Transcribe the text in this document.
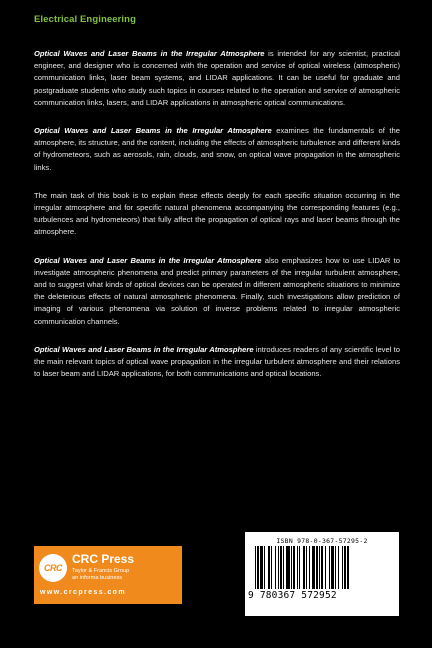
Electrical Engineering

Optical Waves and Laser Beams in the Irregular Atmosphere is intended for any scientist, practical engineer, and designer who is concerned with the operation and service of optical wireless (atmospheric) communication links, laser beam systems, and LIDAR applications. It can be useful for graduate and postgraduate students who study such topics in courses related to the operation and service of atmospheric communication links, lasers, and LIDAR applications in atmospheric optical communications.

Optical Waves and Laser Beams in the Irregular Atmosphere examines the fundamentals of the atmosphere, its structure, and the content, including the effects of atmospheric turbulence and different kinds of hydrometeors, such as aerosols, rain, clouds, and snow, on optical wave propagation in the atmospheric links.

The main task of this book is to explain these effects deeply for each specific situation occurring in the irregular atmosphere and for specific natural phenomena accompanying the corresponding features (e.g., turbulences and hydrometeors) that fully affect the propagation of optical rays and laser beams through the atmosphere.

Optical Waves and Laser Beams in the Irregular Atmosphere also emphasizes how to use LIDAR to investigate atmospheric phenomena and predict primary parameters of the irregular turbulent atmosphere, and to suggest what kinds of optical devices can be operated in different atmospheric situations to minimize the deleterious effects of natural atmospheric phenomena. Finally, such investigations allow prediction of imaging of various phenomena via solution of inverse problems related to irregular atmospheric communication channels.

Optical Waves and Laser Beams in the Irregular Atmosphere introduces readers of any scientific level to the main relevant topics of optical wave propagation in the irregular turbulent atmosphere and their relations to laser beam and LIDAR applications, for both communications and optical locations.

CRC
CRC Press
Taylor & Francis Group
an informa business
www.crcpress.com
ISBN 978-0-367-57295-2
9 780367 572952
